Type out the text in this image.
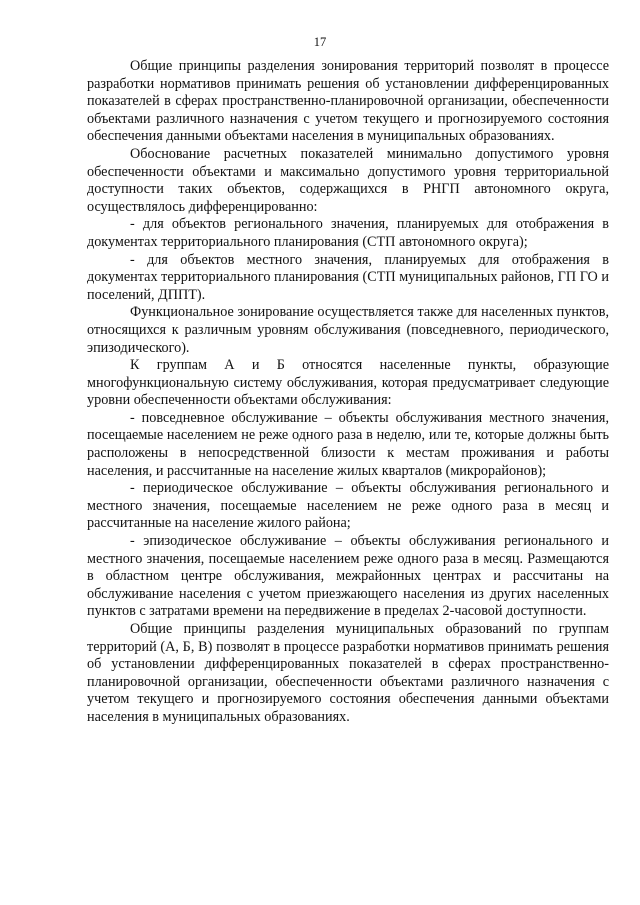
17

Общие принципы разделения зонирования территорий позволят в процессе разработки нормативов принимать решения об установлении дифференцированных показателей в сферах пространственно-планировочной организации, обеспеченности объектами различного назначения с учетом текущего и прогнозируемого состояния обеспечения данными объектами населения в муниципальных образованиях.

Обоснование расчетных показателей минимально допустимого уровня обеспеченности объектами и максимально допустимого уровня территориальной доступности таких объектов, содержащихся в РНГП автономного округа, осуществлялось дифференцированно:

- для объектов регионального значения, планируемых для отображения в документах территориального планирования (СТП автономного округа);

- для объектов местного значения, планируемых для отображения в документах территориального планирования (СТП муниципальных районов, ГП ГО и поселений, ДППТ).

Функциональное зонирование осуществляется также для населенных пунктов, относящихся к различным уровням обслуживания (повседневного, периодического, эпизодического).

К группам А и Б относятся населенные пункты, образующие многофункциональную систему обслуживания, которая предусматривает следующие уровни обеспеченности объектами обслуживания:

- повседневное обслуживание – объекты обслуживания местного значения, посещаемые населением не реже одного раза в неделю, или те, которые должны быть расположены в непосредственной близости к местам проживания и работы населения, и рассчитанные на население жилых кварталов (микрорайонов);

- периодическое обслуживание – объекты обслуживания регионального и местного значения, посещаемые населением не реже одного раза в месяц и рассчитанные на население жилого района;

- эпизодическое обслуживание – объекты обслуживания регионального и местного значения, посещаемые населением реже одного раза в месяц. Размещаются в областном центре обслуживания, межрайонных центрах и рассчитаны на обслуживание населения с учетом приезжающего населения из других населенных пунктов с затратами времени на передвижение в пределах 2-часовой доступности.

Общие принципы разделения муниципальных образований по группам территорий (А, Б, В) позволят в процессе разработки нормативов принимать решения об установлении дифференцированных показателей в сферах пространственно-планировочной организации, обеспеченности объектами различного назначения с учетом текущего и прогнозируемого состояния обеспечения данными объектами населения в муниципальных образованиях.
